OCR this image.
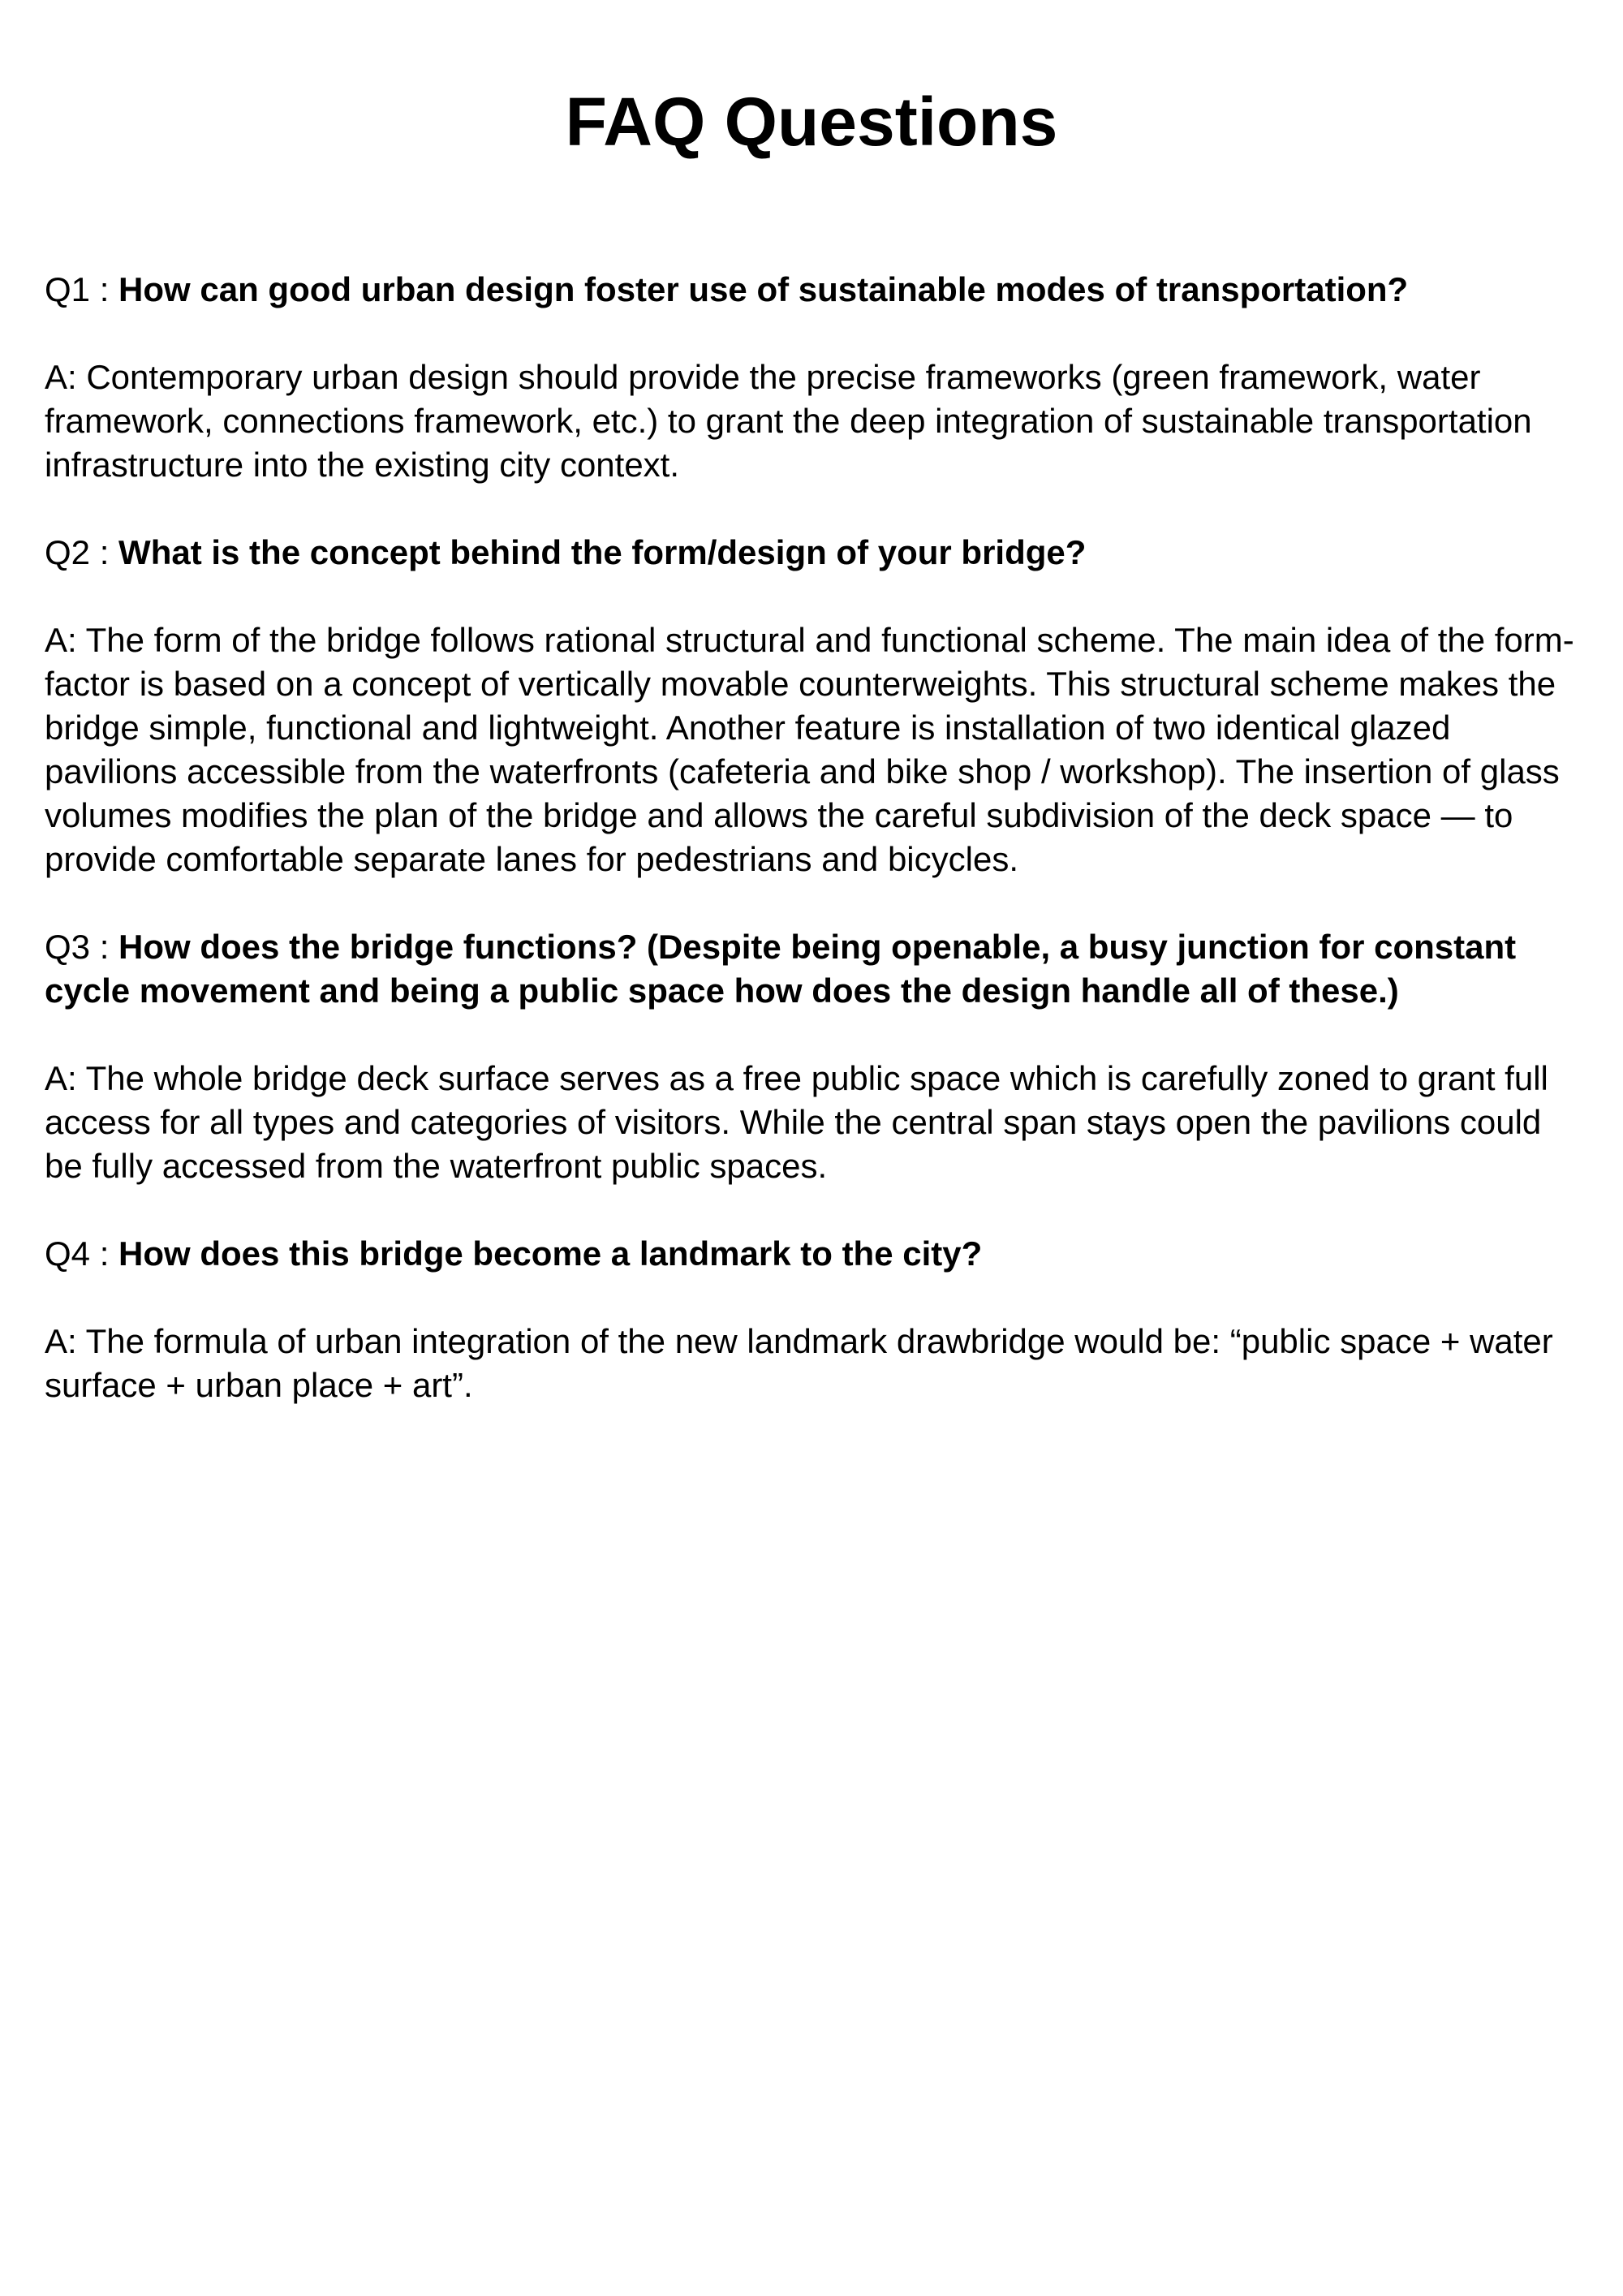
FAQ Questions

Q1 : How can good urban design foster use of sustainable modes of transportation?

A: Contemporary urban design should provide the precise frameworks (green framework, water framework, connections framework, etc.) to grant the deep integration of sustainable transportation infrastructure into the existing city context.

Q2 : What is the concept behind the form/design of your bridge?

A: The form of the bridge follows rational structural and functional scheme. The main idea of the form-factor is based on a concept of vertically movable counterweights. This structural scheme makes the bridge simple, functional and lightweight. Another feature is installation of two identical glazed pavilions accessible from the waterfronts (cafeteria and bike shop / workshop). The insertion of glass volumes modifies the plan of the bridge and allows the careful subdivision of the deck space — to provide comfortable separate lanes for pedestrians and bicycles.

Q3 : How does the bridge functions? (Despite being openable, a busy junction for constant cycle movement and being a public space how does the design handle all of these.)

A: The whole bridge deck surface serves as a free public space which is carefully zoned to grant full access for all types and categories of visitors. While the central span stays open the pavilions could be fully accessed from the waterfront public spaces.

Q4 : How does this bridge become a landmark to the city?

A: The formula of urban integration of the new landmark drawbridge would be: “public space + water surface + urban place + art”.
